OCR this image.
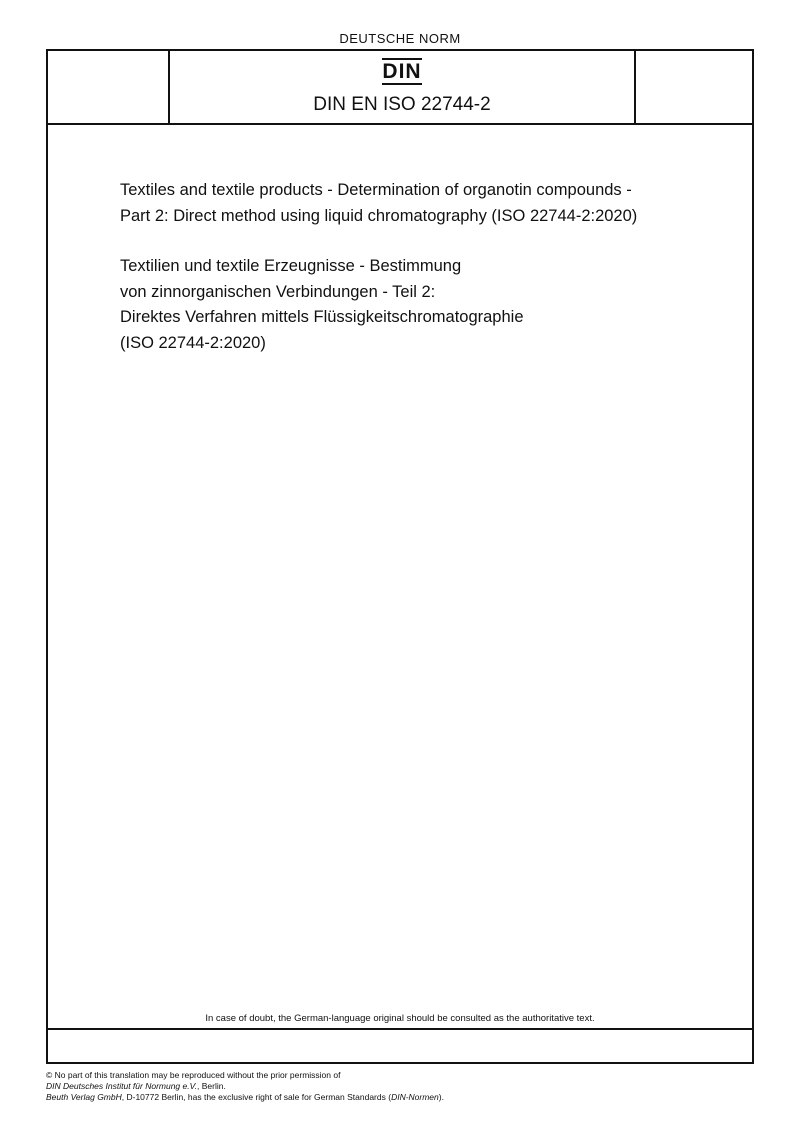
DEUTSCHE NORM
DIN
DIN EN ISO 22744-2
Textiles and textile products - Determination of organotin compounds -
Part 2: Direct method using liquid chromatography (ISO 22744-2:2020)
Textilien und textile Erzeugnisse - Bestimmung
von zinnorganischen Verbindungen - Teil 2:
Direktes Verfahren mittels Flüssigkeitschromatographie
(ISO 22744-2:2020)
In case of doubt, the German-language original should be consulted as the authoritative text.
© No part of this translation may be reproduced without the prior permission of
DIN Deutsches Institut für Normung e.V., Berlin.
Beuth Verlag GmbH, D-10772 Berlin, has the exclusive right of sale for German Standards (DIN-Normen).
